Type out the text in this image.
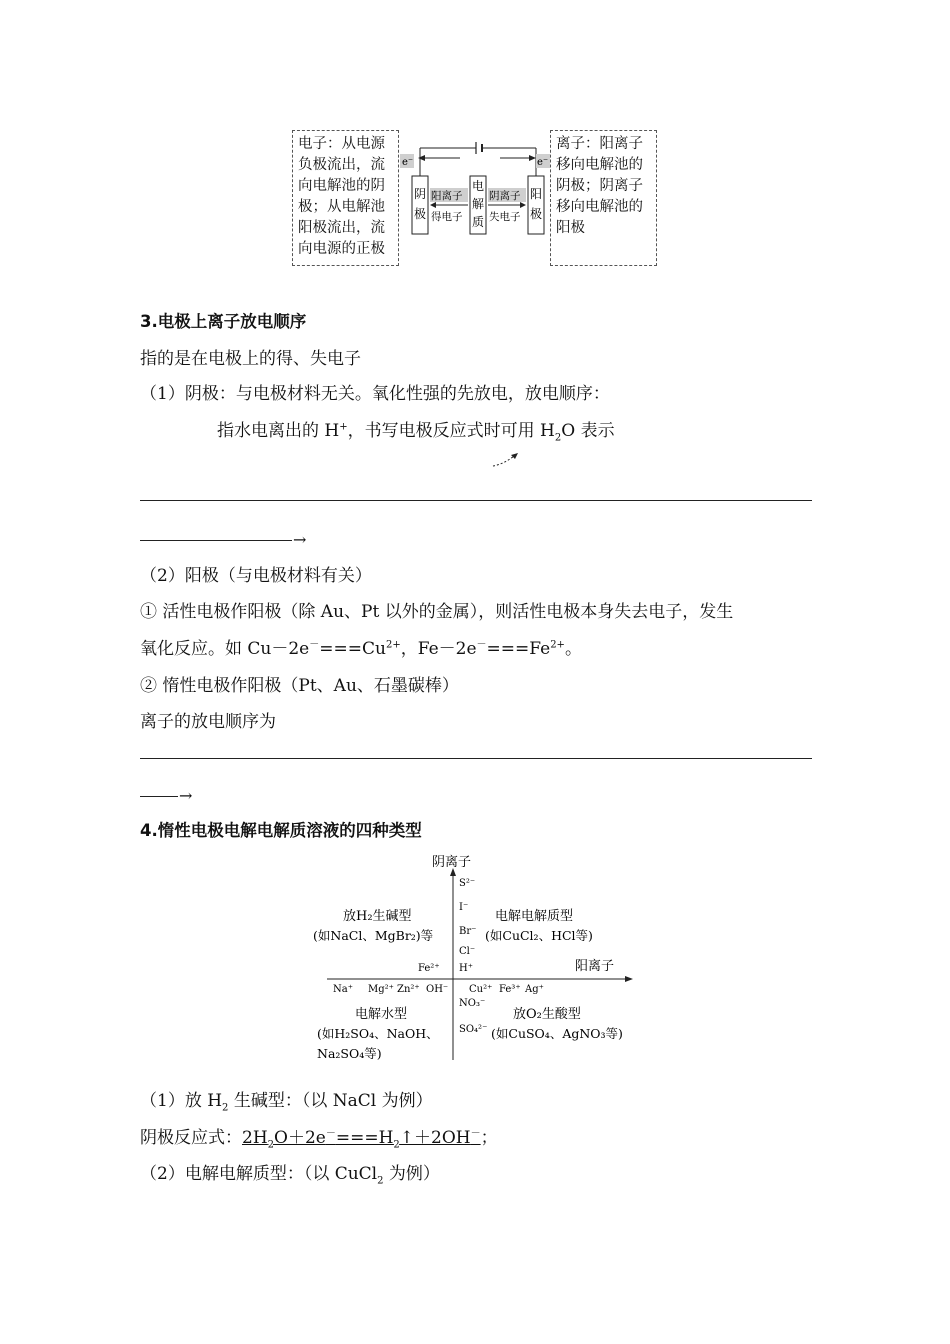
电子：从电源
负极流出，流
向电解池的阴
极；从电解池
阳极流出，流
向电源的正极
离子：阳离子
移向电解池的
阴极；阴离子
移向电解池的
阳极
e⁻	e⁻
阴
极
阳
极
电
解
质
阳离子
得电子
阴离子
失电子
3.电极上离子放电顺序
指的是在电极上的得、失电子
（1）阴极：与电极材料无关。氧化性强的先放电，放电顺序：
指水电离出的 H+，书写电极反应式时可用 $H_2O$ 表示
→
（2）阳极（与电极材料有关）
① 活性电极作阳极（除 Au、Pt 以外的金属），则活性电极本身失去电子，发生
氧化反应。如 $Cu-2e^-===Cu^{2+}$，$Fe-2e^-===Fe^{2+}$。
② 惰性电极作阳极（Pt、Au、石墨碳棒）
离子的放电顺序为
→
4.惰性电极电解电解质溶液的四种类型
阴离子
阳离子
S²⁻
I⁻
Br⁻
Cl⁻
H⁺
NO₃⁻
SO₄²⁻
Na⁺ Mg²⁺ Zn²⁺ OH⁻
Fe²⁺
Cu²⁺ Fe³⁺ Ag⁺
放H₂生碱型
(如NaCl、MgBr₂)等
电解电解质型
(如CuCl₂、HCl等)
电解水型
(如H₂SO₄、NaOH、
Na₂SO₄等)
放O₂生酸型
(如CuSO₄、AgNO₃等)
（1）放 $H_2$ 生碱型：（以 NaCl 为例）
阴极反应式：$2H_2O+2e^-===H_2↑+2OH^-$；
（2）电解电解质型：（以 CuCl$_2$ 为例）
